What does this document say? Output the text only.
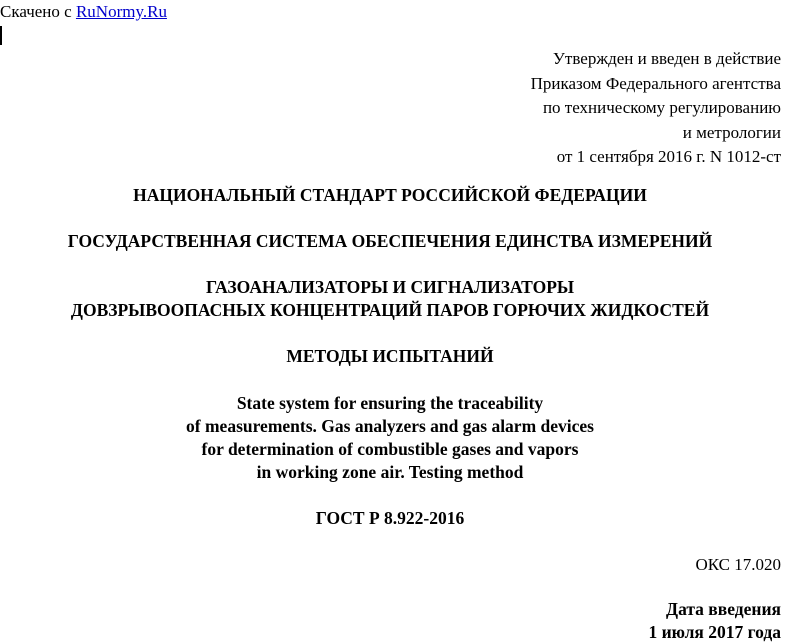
Скачено с RuNormy.Ru
Утвержден и введен в действие
Приказом Федерального агентства
по техническому регулированию
и метрологии
от 1 сентября 2016 г. N 1012-ст
НАЦИОНАЛЬНЫЙ СТАНДАРТ РОССИЙСКОЙ ФЕДЕРАЦИИ
ГОСУДАРСТВЕННАЯ СИСТЕМА ОБЕСПЕЧЕНИЯ ЕДИНСТВА ИЗМЕРЕНИЙ
ГАЗОАНАЛИЗАТОРЫ И СИГНАЛИЗАТОРЫ
ДОВЗРЫВООПАСНЫХ КОНЦЕНТРАЦИЙ ПАРОВ ГОРЮЧИХ ЖИДКОСТЕЙ
МЕТОДЫ ИСПЫТАНИЙ
State system for ensuring the traceability
of measurements. Gas analyzers and gas alarm devices
for determination of combustible gases and vapors
in working zone air. Testing method
ГОСТ Р 8.922-2016
ОКС 17.020
Дата введения
1 июля 2017 года
